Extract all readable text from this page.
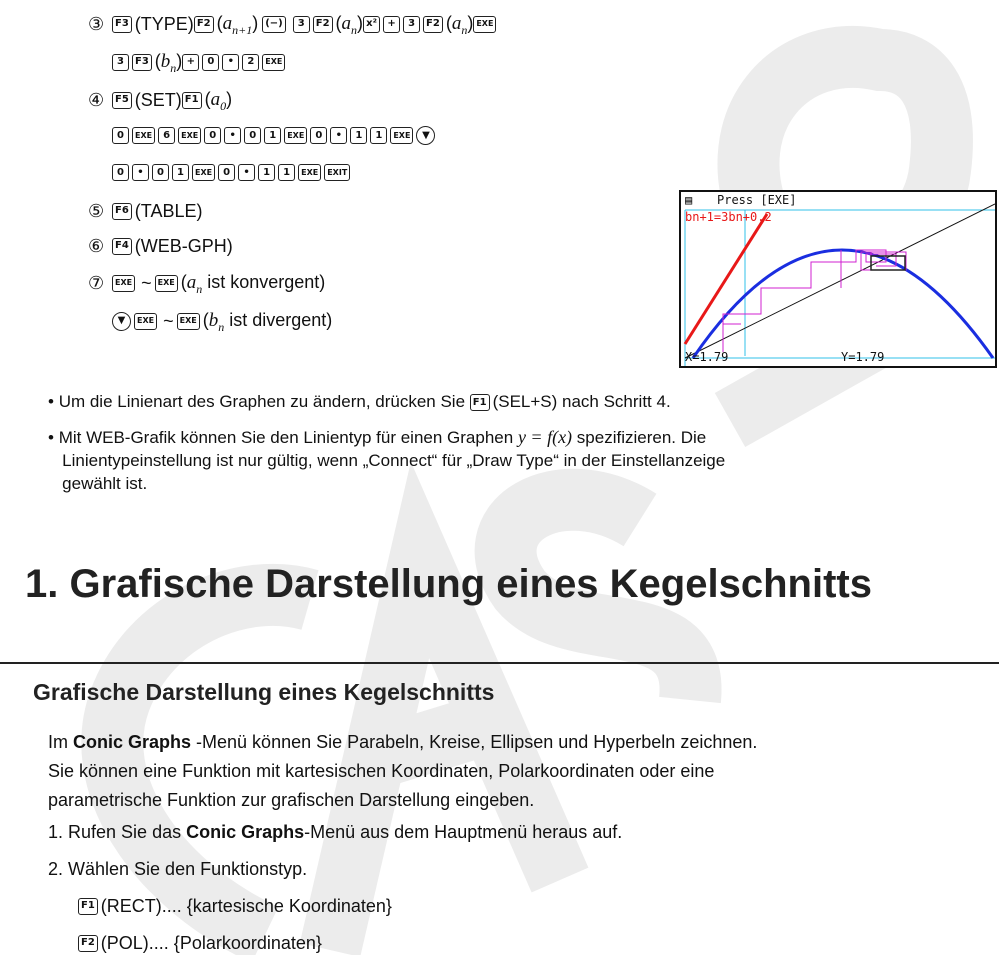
③	F3 (TYPE) F2 $(a_{n+1})$ (−)	3	F2 $(a_n)$ x²	+	3	F2 $(a_n)$ EXE
3	F3 $(b_n)$ +	0	•	2	EXE
④	F5 (SET) F1 $(a_0)$
0	EXE	6	EXE	0	•	0	1	EXE	0	•	1	1	EXE	▼
0	•	0	1	EXE	0	•	1	1	EXE	EXIT
⑤	F6 (TABLE)
⑥	F4 (WEB-GPH)
⑦	EXE ~ EXE ($a_n$ ist konvergent)
▼	EXE ~ EXE ($b_n$ ist divergent)
▤ Press [EXE]
bn+1=3bn+0.2
X=1.79	Y=1.79
• Um die Linienart des Graphen zu ändern, drücken Sie F1 (SEL+S) nach Schritt 4.
• Mit WEB-Grafik können Sie den Linientyp für einen Graphen y = f(x) spezifizieren. Die
Linientypeinstellung ist nur gültig, wenn „Connect“ für „Draw Type“ in der Einstellanzeige
gewählt ist.
1. Grafische Darstellung eines Kegelschnitts
Grafische Darstellung eines Kegelschnitts
Im Conic Graphs -Menü können Sie Parabeln, Kreise, Ellipsen und Hyperbeln zeichnen.
Sie können eine Funktion mit kartesischen Koordinaten, Polarkoordinaten oder eine
parametrische Funktion zur grafischen Darstellung eingeben.
1. Rufen Sie das Conic Graphs-Menü aus dem Hauptmenü heraus auf.
2. Wählen Sie den Funktionstyp.
F1 (RECT).... {kartesische Koordinaten}
F2 (POL).... {Polarkoordinaten}
